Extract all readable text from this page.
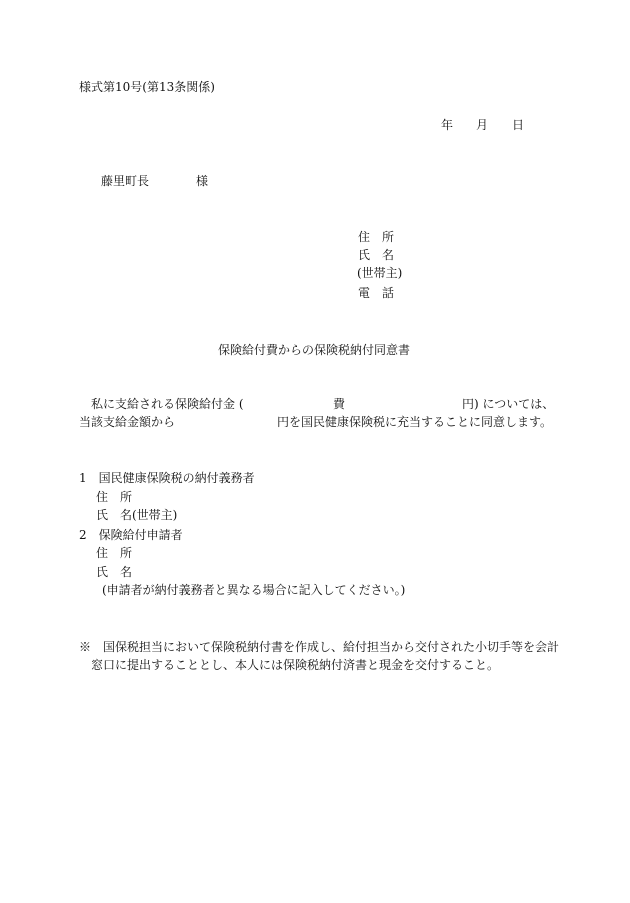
様式第10号(第13条関係)
年 月 日
藤里町長	様
住　所
氏　名
(世帯主)
電　話
保険給付費からの保険税納付同意書
私に支給される保険給付金 (	費	円) については、
当該支給金額から	円を国民健康保険税に充当することに同意します。
1　国民健康保険税の納付義務者
住　所
氏　名(世帯主)
2　保険給付申請者
住　所
氏　名
(申請者が納付義務者と異なる場合に記入してください。)
※　国保税担当において保険税納付書を作成し、給付担当から交付された小切手等を会計
窓口に提出することとし、本人には保険税納付済書と現金を交付すること。
